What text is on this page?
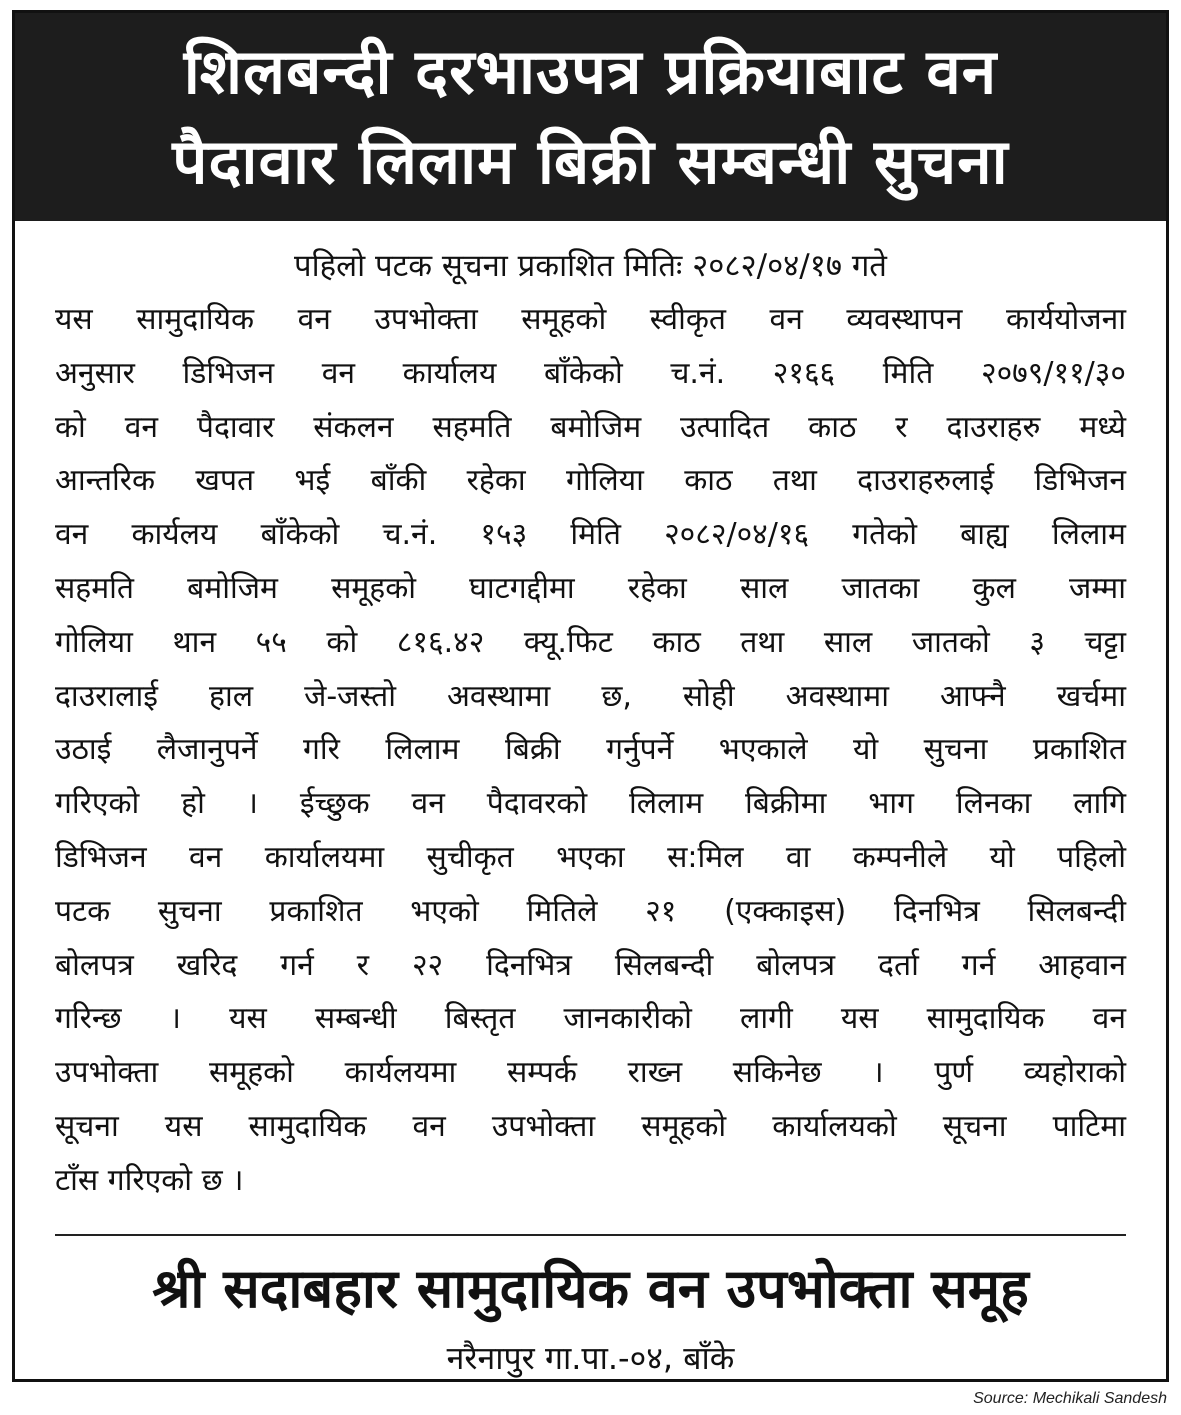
शिलबन्दी दरभाउपत्र प्रक्रियाबाट वन
पैदावार लिलाम बिक्री सम्बन्धी सुचना
पहिलो पटक सूचना प्रकाशित मितिः २०८२/०४/१७ गते
यस सामुदायिक वन उपभोक्ता समूहको स्वीकृत वन व्यवस्थापन कार्ययोजना
अनुसार डिभिजन वन कार्यालय बाँकेको च.नं. २१६६ मिति २०७९/११/३०
को वन पैदावार संकलन सहमति बमोजिम उत्पादित काठ र दाउराहरु मध्ये
आन्तरिक खपत भई बाँकी रहेका गोलिया काठ तथा दाउराहरुलाई डिभिजन
वन कार्यलय बाँकेको च.नं. १५३ मिति २०८२/०४/१६ गतेको बाह्य लिलाम
सहमति बमोजिम समूहको घाटगद्दीमा रहेका साल जातका कुल जम्मा
गोलिया थान ५५ को ८१६.४२ क्यू.फिट काठ तथा साल जातको ३ चट्टा
दाउरालाई हाल जे-जस्तो अवस्थामा छ, सोही अवस्थामा आफ्नै खर्चमा
उठाई लैजानुपर्ने गरि लिलाम बिक्री गर्नुपर्ने भएकाले यो सुचना प्रकाशित
गरिएको हो । ईच्छुक वन पैदावरको लिलाम बिक्रीमा भाग लिनका लागि
डिभिजन वन कार्यालयमा सुचीकृत भएका स:मिल वा कम्पनीले यो पहिलो
पटक सुचना प्रकाशित भएको मितिले २१ (एक्काइस) दिनभित्र सिलबन्दी
बोलपत्र खरिद गर्न र २२ दिनभित्र सिलबन्दी बोलपत्र दर्ता गर्न आहवान
गरिन्छ । यस सम्बन्धी बिस्तृत जानकारीको लागी यस सामुदायिक वन
उपभोक्ता समूहको कार्यलयमा सम्पर्क राख्न सकिनेछ । पुर्ण व्यहोराको
सूचना यस सामुदायिक वन उपभोक्ता समूहको कार्यालयको सूचना पाटिमा
टाँस गरिएको छ ।
श्री सदाबहार सामुदायिक वन उपभोक्ता समूह
नरैनापुर गा.पा.-०४, बाँके
Source: Mechikali Sandesh
